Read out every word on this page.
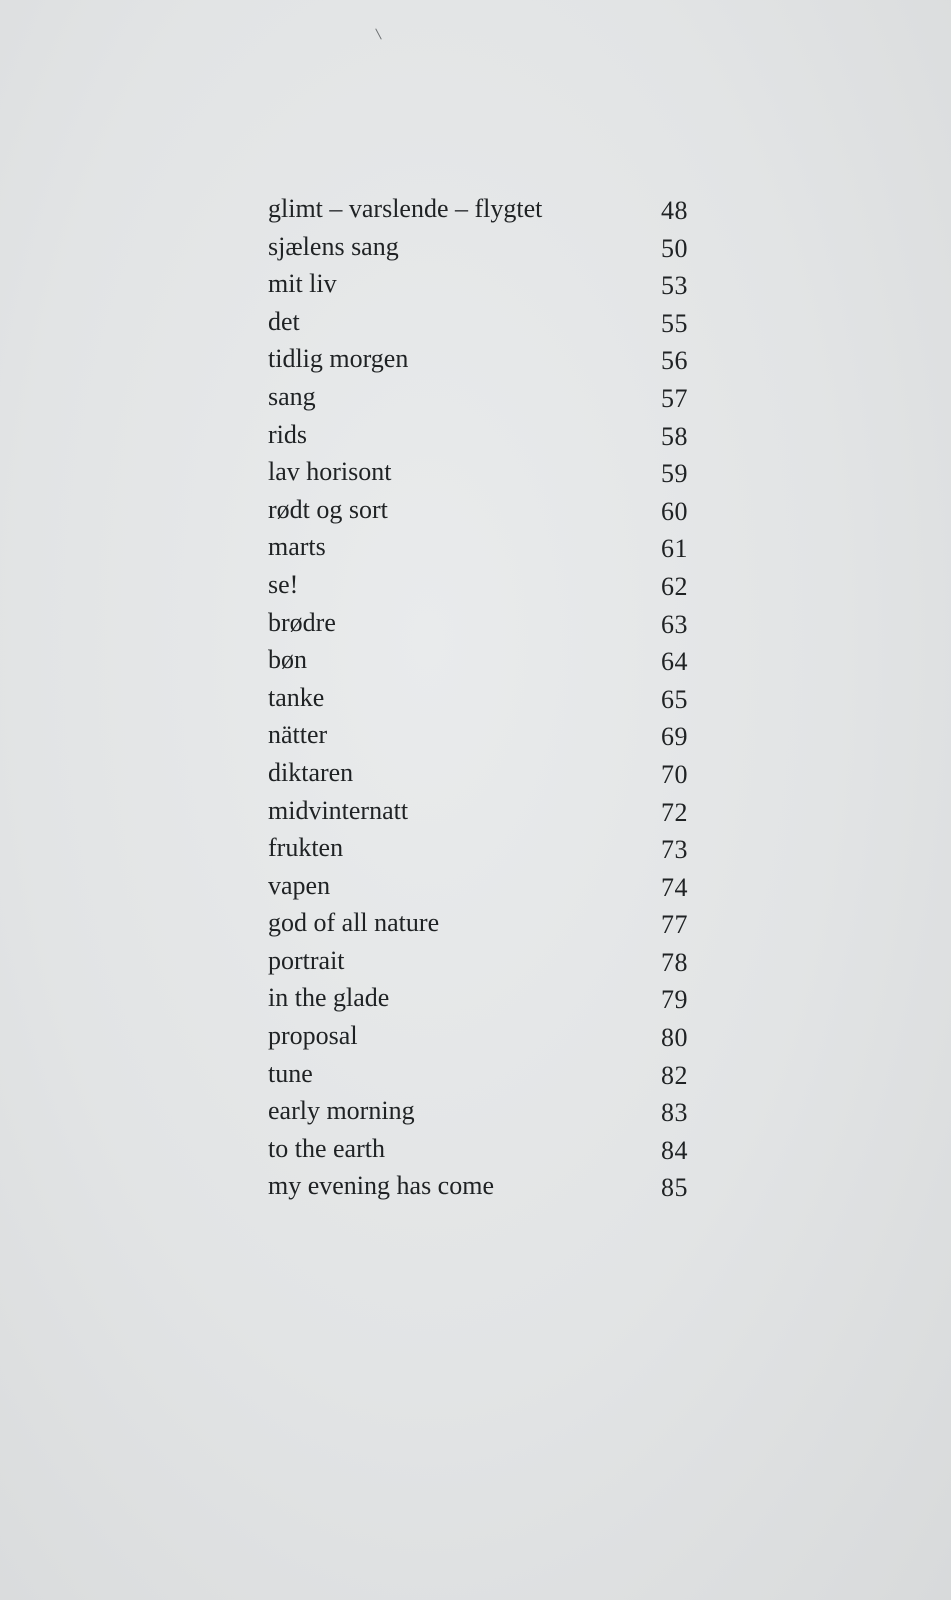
glimt – varslende – flygtet	48
sjælens sang	50
mit liv	53
det	55
tidlig morgen	56
sang	57
rids	58
lav horisont	59
rødt og sort	60
marts	61
se!	62
brødre	63
bøn	64
tanke	65
nätter	69
diktaren	70
midvinternatt	72
frukten	73
vapen	74
god of all nature	77
portrait	78
in the glade	79
proposal	80
tune	82
early morning	83
to the earth	84
my evening has come	85
